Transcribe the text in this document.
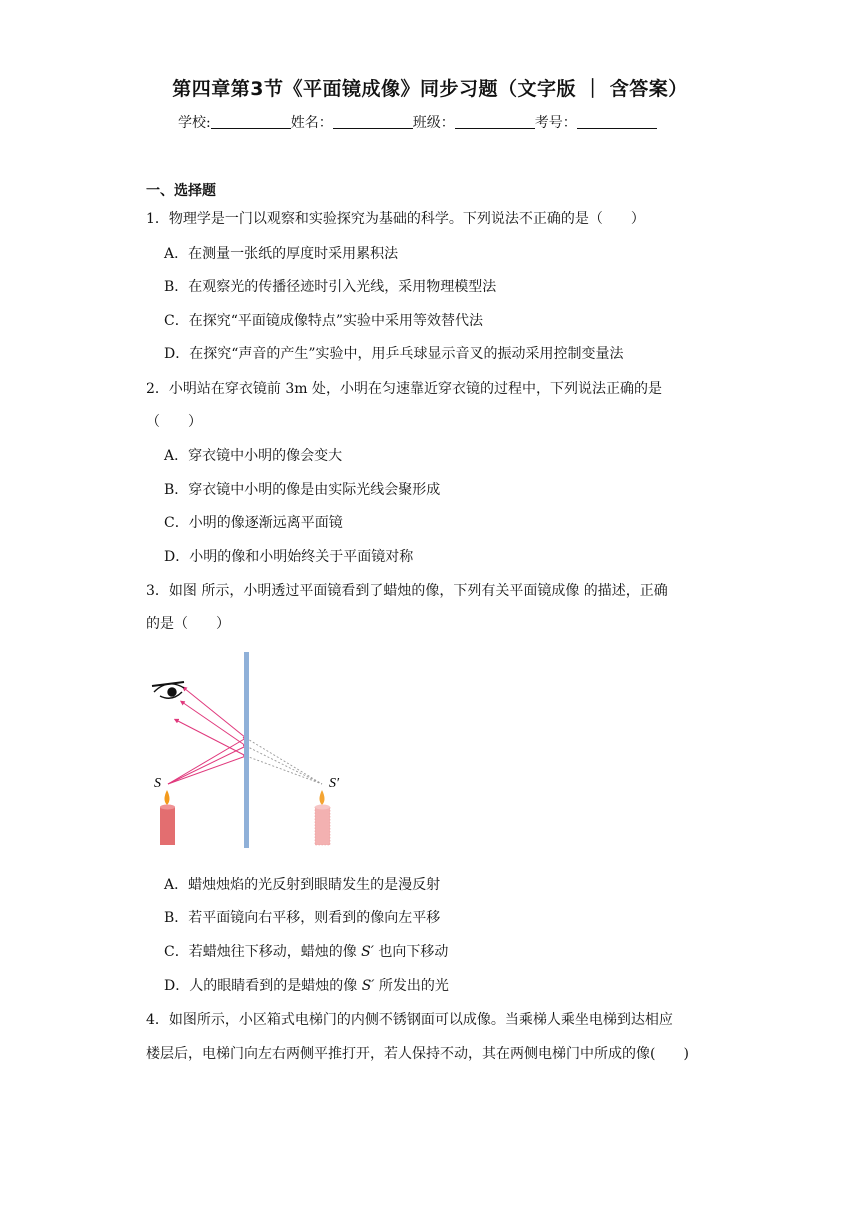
第四章第3节《平面镜成像》同步习题（文字版 ｜ 含答案）
学校:	姓名：	班级：	考号：
一、选择题
1．物理学是一门以观察和实验探究为基础的科学。下列说法不正确的是（　　）
A．在测量一张纸的厚度时采用累积法
B．在观察光的传播径迹时引入光线，采用物理模型法
C．在探究“平面镜成像特点”实验中采用等效替代法
D．在探究“声音的产生”实验中，用乒乓球显示音叉的振动采用控制变量法
2．小明站在穿衣镜前 3m 处，小明在匀速靠近穿衣镜的过程中，下列说法正确的是
（　　）
A．穿衣镜中小明的像会变大
B．穿衣镜中小明的像是由实际光线会聚形成
C．小明的像逐渐远离平面镜
D．小明的像和小明始终关于平面镜对称
3．如图 所示，小明透过平面镜看到了蜡烛的像，下列有关平面镜成像 的描述，正确
的是（　　）
S	S′
A．蜡烛烛焰的光反射到眼睛发生的是漫反射
B．若平面镜向右平移，则看到的像向左平移
C．若蜡烛往下移动，蜡烛的像 S′ 也向下移动
D．人的眼睛看到的是蜡烛的像 S′ 所发出的光
4．如图所示，小区箱式电梯门的内侧不锈钢面可以成像。当乘梯人乘坐电梯到达相应
楼层后，电梯门向左右两侧平推打开，若人保持不动，其在两侧电梯门中所成的像(　　)
